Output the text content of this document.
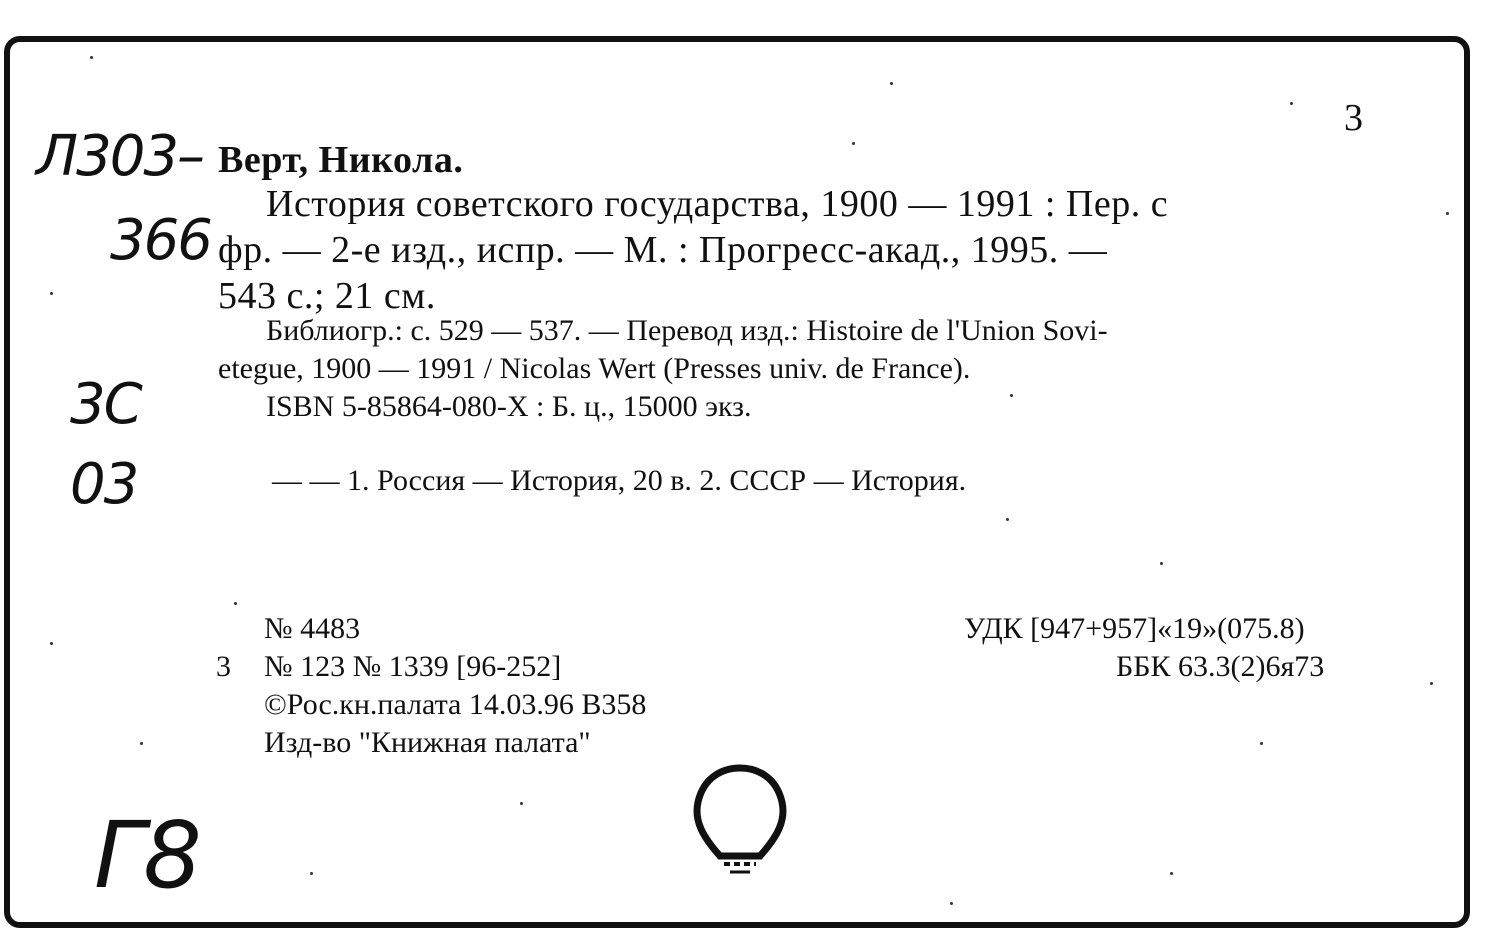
3
Л303–
366
3С
03
Г8
Верт, Никола.
История советского государства, 1900 — 1991 : Пер. с
фр. — 2-е изд., испр. — М. : Прогресс-акад., 1995. —
543 с.; 21 см.
Библиогр.: с. 529 — 537. — Перевод изд.: Histoire de l'Union Sovi-
etegue, 1900 — 1991 / Nicolas Wert (Presses univ. de France).
ISBN 5-85864-080-X : Б. ц., 15000 экз.
— — 1. Россия — История, 20 в. 2. СССР — История.
№ 4483
3 № 123 № 1339 [96-252]
©Рос.кн.палата 14.03.96 В358
Изд-во "Книжная палата"
УДК [947+957]«19»(075.8)
ББК 63.3(2)6я73
